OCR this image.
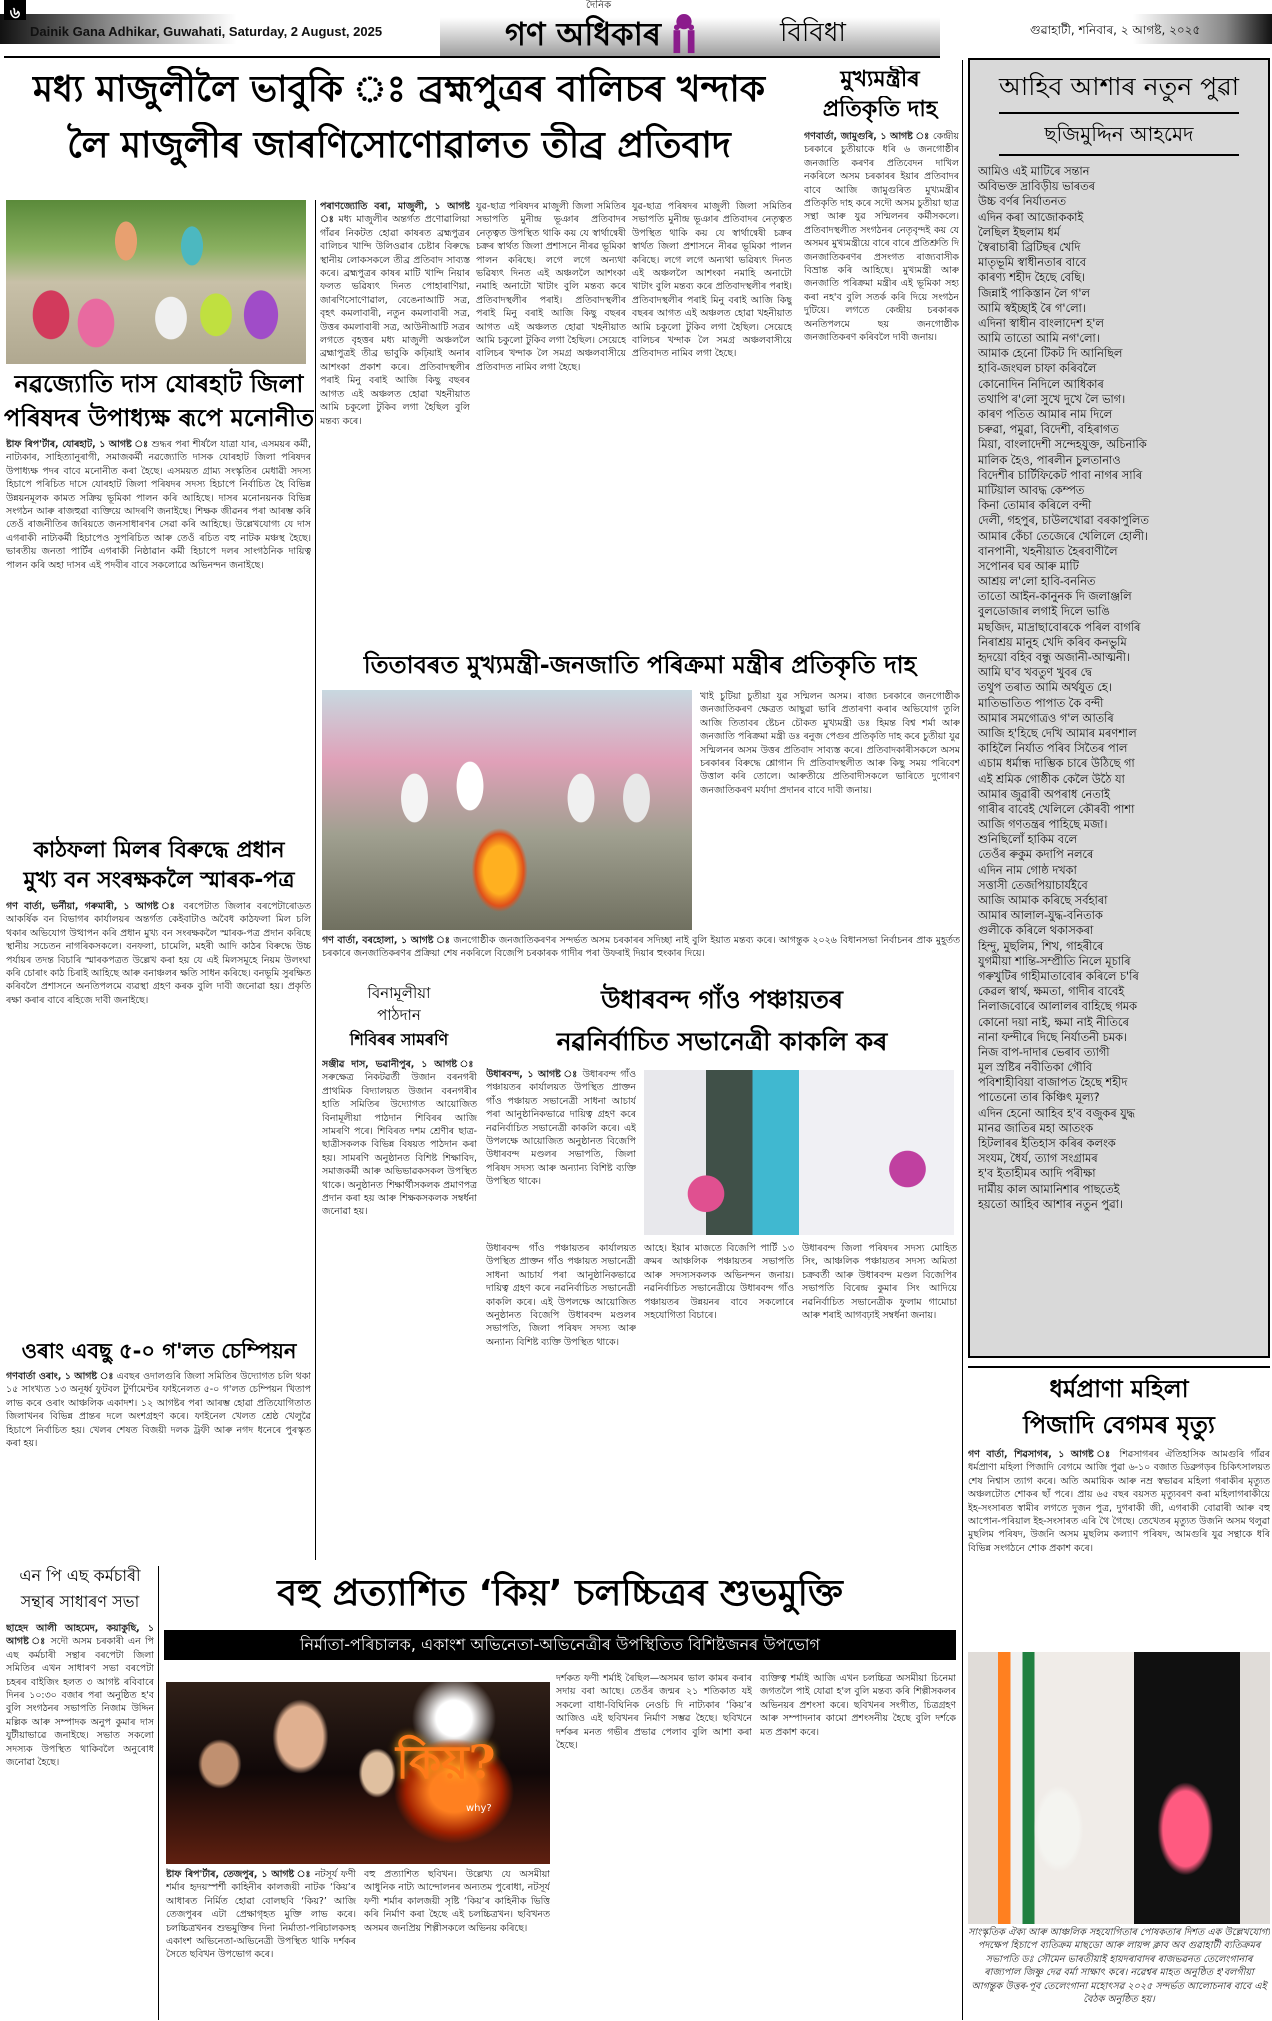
৬
Dainik Gana Adhikar, Guwahati, Saturday, 2 August, 2025
দৈনিক
গণ অধিকাৰ	বিবিধা	গুৱাহাটী, শনিবাৰ, ২ আগষ্ট, ২০২৫
মধ্য মাজুলীলৈ ভাবুকি ঃ ব্ৰহ্মপুত্ৰৰ বালিচৰ খন্দাক
লৈ মাজুলীৰ জাৰণিসোণোৱালত তীব্ৰ প্ৰতিবাদ
মুখ্যমন্ত্ৰীৰ
প্ৰতিকৃতি দাহ
গণবাৰ্তা, জামুগুৰি, ১ আগষ্ট ঃ কেন্দ্ৰীয় চৰকাৰে চুতীয়াকে ধৰি ৬ জনগোষ্ঠীৰ জনজাতি কৰণৰ প্ৰতিবেদন দাখিল নকৰিলে অসম চৰকাৰৰ ইয়াৰ প্ৰতিবাদৰ বাবে আজি জামুগুৰিত মুখ্যমন্ত্ৰীৰ প্ৰতিকৃতি দাহ কৰে সদৌ অসম চুতীয়া ছাত্ৰ সন্থা আৰু যুৱ সন্মিলনৰ কৰ্মীসকলে। প্ৰতিবাদস্থলীত সংগঠনৰ নেতৃবৃন্দই কয় যে অসমৰ মুখ্যমন্ত্ৰীয়ে বাৰে বাৰে প্ৰতিশ্ৰুতি দি জনজাতিকৰণৰ প্ৰসংগত ৰাজ্যবাসীক বিভ্ৰান্ত কৰি আহিছে। মুখ্যমন্ত্ৰী আৰু জনজাতি পৰিক্ৰমা মন্ত্ৰীৰ এই ভূমিকা সহ্য কৰা নহ'ব বুলি সতৰ্ক কৰি দিয়ে সংগঠন দুটিয়ে। লগতে কেন্দ্ৰীয় চৰকাৰক অনতিপলমে ছয় জনগোষ্ঠীক জনজাতিকৰণ কৰিবলৈ দাবী জনায়।
আহিব আশাৰ নতুন পুৱা
ছজিমুদ্দিন আহমেদ
আমিও এই মাটিৰে সন্তান
অবিভক্ত দ্ৰাবিড়ীয় ভাৰতৰ
উচ্চ বৰ্ণৰ নিৰ্যাতনত
এদিন কৰা আজোককাই
লৈছিল ইছলাম ধৰ্ম
স্বৈৰাচাৰী ব্ৰিটিছৰ খেদি
মাতৃভূমি স্বাধীনতাৰ বাবে
কাৰণ্য শহীদ হৈছে বেছি।
জিন্নাই পাকিস্তান লৈ গ'ল
আমি স্বইচ্ছাই ৰৈ গ'লো।
এদিনা স্বাধীন বাংলাদেশ হ'ল
আমি তাতো আমি নগ'লো।
আমাক হেনো টিকট দি আনিছিল
হাবি-জংঘল চাফা কৰিবলৈ
কোনোদিন নিদিলে আধিকাৰ
তথাপি ৰ'লো সুখে দুখে লৈ ভাগ।
কাৰণ পতিত আমাৰ নাম দিলে
চৰুৱা, পমুৱা, বিদেশী, বহিৰাগত
মিয়া, বাংলাদেশী সন্দেহযুক্ত, অচিনাকি
মালিক হৈও, পাৰলীন চুলতানাও
বিদেশীৰ চাৰ্টিফিকেট পাবা নাগৰ সাৰি
মাটিয়াল আবদ্ধ কেম্পত
কিনা তোমাৰ কৰিলে বন্দী
দেলী, গহপুৰ, চাউলখোৱা বৰকাপুলিত
আমাৰ কেঁচা তেজেৰে খেলিলে হোলী।
বানপানী, খহনীয়াত হৈৰবাণীলৈ
সপোনৰ ঘৰ আৰু মাটি
আশ্ৰয় ল'লো হাবি-বননিত
তাতো আইন-কানুনক দি জলাঞ্জলি
বুলডোজাৰ লগাই দিলে ভাঙি
মছজিদ, মাদ্ৰাছাবোৰকে পৰিল বাগৰি
নিৰাশ্ৰয় মানুহ খেদি কৰিব কনভুমি
হৃদয়ো বহিব বন্ধু অজানী-আত্মনী।
আমি ঘ'ব খবতুণ খুবৰ দ্বে
তথুপ তৰাত আমি অৰ্থযুত হে।
মাতিভাতিত পাপাত কৈ বন্দী
আমাৰ সমগোত্ৰও গ'ল আতৰি
আজি হ'হিছে দেখি আমাৰ মৰণশাল
কাহিলৈ নিৰ্যাত পৰিব সিতৈৰ পাল
এচাম ধৰ্মান্ধ দাম্ভিক চাৰে উঠিছে গা
এই শ্ৰমিক গোষ্ঠীক কেলৈ উঠৈ যা
আমাৰ জুৱাৰী অপৰাধ নেতাই
গাৰীৰ বাবেই খেলিলে কৌৰবী পাশা
আজি গণতন্ত্ৰৰ পাহিছে মজা।
শুনিছিলোঁ হাকিম বলে
তেওঁৰ ৰুকুম কদাপি নলৰে
এদিন নাম গোষ্ঠ দখকা
সত্তাসী তেজপিয়াচাৰ্যইবে
আজি আমাক কৰিছে সৰ্বহাৰা
আমাৰ আলাল-যুদ্ধ-বনিতাক
গুলীকে কৰিলে থকাসকৰা
হিন্দু, মুছলিম, শিখ, গাহৰীৰে
যুগমীয়া শান্তি-সম্প্ৰীতি নিলে মূচাৰি
গৰুখুটিৰ গাহীমাতাবোৰ কৰিলে চ'ৰি
কেৱল স্বাৰ্থ, ক্ষমতা, গাদীৰ বাবেই
নিলাজবোৰে আলালৰ বাহিছে গমক
কোনো দয়া নাই, ক্ষমা নাই নীতিৰে
নানা ফন্দীৰে দিছে নিৰ্যাতনী চমক।
নিজ বাপ-দাদাৰ ভেৰাব ত্যাগী
মূল স্ৰষ্টিৰ নবীতিকা গৌবি
পবিশাহীবিয়া বাজাপত হৈছে শহীদ
পাতেনো তাৰ কিঞ্চিৎ মূল্য?
এদিন হেনো আহিব হ'ব বজুকৰ যুদ্ধ
মানৱ জাতিৰ মহা আতংক
হিটলাৰৰ ইতিহাস কৰিৰ কলংক
সংযম, ধৈৰ্য, ত্যাগ সংগ্ৰামৰ
হ'ব ইতাহীমৰ আদি পৰীক্ষা
দাৰ্মীয় কাল আমানিশাৰ পাছতেই
হয়তো আহিব আশাৰ নতুন পুৱা।
পৰাণজ্যোতি বৰা, মাজুলী, ১ আগষ্ট ঃ মধ্য মাজুলীৰ অন্তৰ্গত প্ৰণোৱালিয়া গাঁৱৰ নিকটত হোৱা কাষৰত ব্ৰহ্মপুত্ৰৰ বালিচৰ খান্দি উলিওৱাৰ চেষ্টাৰ বিৰুদ্ধে স্থানীয় লোকসকলে তীব্ৰ প্ৰতিবাদ সাব্যস্ত কৰে। ব্ৰহ্মপুত্ৰৰ কাষৰ মাটি খান্দি নিয়াৰ ফলত ভৱিষ্যৎ দিনত পোহাৰাণিয়া, জাৰণিসোণোৱাল, বেঙেনাআটি সত্ৰ, বৃহৎ কমলাবাৰী, নতুন কমলাবাৰী সত্ৰ, উত্তৰ কমলাবাৰী সত্ৰ, আউনীআটি সত্ৰৰ লগতে বৃহত্তৰ মধ্য মাজুলী অঞ্চললৈ ব্ৰহ্মাপুত্ৰই তীব্ৰ ভাবুকি কঢ়িয়াই অনাৰ আশংকা প্ৰকাশ কৰে। প্ৰতিবাদস্থলীৰ পৰাই মিনু বৰাই আজি কিছু বছৰৰ আগত এই অঞ্চলত হোৱা খহনীয়াত আমি চকুলো টুকিব লগা হৈছিল বুলি মন্তব্য কৰে।
যুৱ-ছাত্ৰ পৰিষদৰ মাজুলী জিলা সমিতিৰ সভাপতি মুনীন্দ্ৰ ভূঞাৰ প্ৰতিবাদৰ নেতৃত্বত উপস্থিত থাকি কয় যে স্বাৰ্থান্বেষী চক্ৰৰ স্বাৰ্থত জিলা প্ৰশাসনে নীৰৱ ভূমিকা পালন কৰিছে। লগে লগে অন্যথা ভৱিষ্যৎ দিনত এই অঞ্চললৈ আশংকা নমাহি অনাটো খাটাং বুলি মন্তব্য কৰে প্ৰতিবাদস্থলীৰ পৰাই। প্ৰতিবাদস্থলীৰ পৰাই মিনু বৰাই আজি কিছু বছৰৰ আগত এই অঞ্চলত হোৱা খহনীয়াত আমি চকুলো টুকিব লগা হৈছিল। সেয়েহে বালিচৰ খন্দাক লৈ সমগ্ৰ অঞ্চলবাসীয়ে প্ৰতিবাদত নামিব লগা হৈছে।
যুৱ-ছাত্ৰ পৰিষদৰ মাজুলী জিলা সমিতিৰ সভাপতি মুনীন্দ্ৰ ভূঞাৰ প্ৰতিবাদৰ নেতৃত্বত উপস্থিত থাকি কয় যে স্বাৰ্থান্বেষী চক্ৰৰ স্বাৰ্থত জিলা প্ৰশাসনে নীৰৱ ভূমিকা পালন কৰিছে। লগে লগে অন্যথা ভৱিষ্যৎ দিনত এই অঞ্চললৈ আশংকা নমাহি অনাটো খাটাং বুলি মন্তব্য কৰে প্ৰতিবাদস্থলীৰ পৰাই। প্ৰতিবাদস্থলীৰ পৰাই মিনু বৰাই আজি কিছু বছৰৰ আগত এই অঞ্চলত হোৱা খহনীয়াত আমি চকুলো টুকিব লগা হৈছিল। সেয়েহে বালিচৰ খন্দাক লৈ সমগ্ৰ অঞ্চলবাসীয়ে প্ৰতিবাদত নামিব লগা হৈছে।
নৱজ্যোতি দাস যোৰহাট জিলা
পৰিষদৰ উপাধ্যক্ষ ৰূপে মনোনীত
ষ্টাফ ৰিপ'ৰ্টাৰ, যোৰহাট, ১ আগষ্ট ঃ শুদ্ধৰ পৰা শীৰ্ষলৈ যাত্ৰা যাৰ, এসময়ৰ কৰ্মী, নাট্যকাৰ, সাহিত্যানুৰাগী, সমাজকৰ্মী নৱজ্যোতি দাসক যোৰহাট জিলা পৰিষদৰ উপাধ্যক্ষ পদৰ বাবে মনোনীত কৰা হৈছে। এসময়ত গ্ৰাম্য সংস্কৃতিৰ মেধাৱী সদস্য হিচাপে পৰিচিত দাসে যোৰহাট জিলা পৰিষদৰ সদস্য হিচাপে নিৰ্বাচিত হৈ বিভিন্ন উন্নয়নমূলক কামত সক্ৰিয় ভূমিকা পালন কৰি আহিছে। দাসৰ মনোনয়নক বিভিন্ন সংগঠন আৰু ৰাজহুৱা ব্যক্তিয়ে আদৰণি জনাইছে। শিক্ষক জীৱনৰ পৰা আৰম্ভ কৰি তেওঁ ৰাজনীতিৰ জৰিয়তে জনসাধাৰণৰ সেৱা কৰি আহিছে। উল্লেখযোগ্য যে দাস এগৰাকী নাট্যকৰ্মী হিচাপেও সুপৰিচিত আৰু তেওঁ ৰচিত বহু নাটক মঞ্চস্থ হৈছে। ভাৰতীয় জনতা পাৰ্টিৰ এগৰাকী নিষ্ঠাৱান কৰ্মী হিচাপে দলৰ সাংগঠনিক দায়িত্ব পালন কৰি অহা দাসৰ এই পদবীৰ বাবে সকলোৱে অভিনন্দন জনাইছে।
তিতাবৰত মুখ্যমন্ত্ৰী-জনজাতি পৰিক্ৰমা মন্ত্ৰীৰ প্ৰতিকৃতি দাহ
খাই চুটিয়া চুতীয়া যুৱ সন্মিলন অসম। ৰাজ্য চৰকাৰে জনগোষ্ঠীক জনজাতিকৰণ ক্ষেত্ৰত আছুৱা ভাৰি প্ৰতাৰণা কৰাৰ অভিযোগ তুলি আজি তিতাবৰ ষ্টেচন চৌকত মুখ্যমন্ত্ৰী ডঃ হিমন্ত বিশ্ব শৰ্মা আৰু জনজাতি পৰিক্ৰমা মন্ত্ৰী ডঃ ৰনুজ পেগুৰ প্ৰতিকৃতি দাহ কৰে চুতীয়া যুৱ সন্মিলনৰ অসম উত্তৰ প্ৰতিবাদ সাব্যস্ত কৰে। প্ৰতিবাদকাৰীসকলে অসম চৰকাৰৰ বিৰুদ্ধে শ্লোগান দি প্ৰতিবাদস্থলীত আৰু কিছু সময় পৰিবেশ উত্তাল কৰি তোলে। আৰুতীয়ে প্ৰতিবাদীসকলে ভাৰিতে দুগোৰণ জনজাতিকৰণ মৰ্যাদা প্ৰদানৰ বাবে দাবী জনায়।
গণ বাৰ্তা, বৰহোলা, ১ আগষ্ট ঃ জনগোষ্ঠীক জনজাতিকৰণৰ সন্দৰ্ভত অসম চৰকাৰৰ সদিচ্ছা নাই বুলি ইয়াত মন্তব্য কৰে। আগন্তুক ২০২৬ বিধানসভা নিৰ্বাচনৰ প্ৰাক মুহূৰ্তত চৰকাৰে জনজাতিকৰণৰ প্ৰক্ৰিয়া শেষ নকৰিলে বিজেপি চৰকাৰক গাদীৰ পৰা উফৰাই দিয়াৰ হুংকাৰ দিয়ে।
কাঠফলা মিলৰ বিৰুদ্ধে প্ৰধান
মুখ্য বন সংৰক্ষকলৈ স্মাৰক-পত্ৰ
গণ বাৰ্তা, ভৰ্নীয়া, গৰুমাৰী, ১ আগষ্ট ঃ বৰপেটাত জিলাৰ বৰপেটাৰোডত আকৰ্ষিক বন বিভাগৰ কাৰ্যালয়ৰ অন্তৰ্গত কেইবাটাও অবৈধ কাঠফলা মিল চলি থকাৰ অভিযোগ উত্থাপন কৰি প্ৰধান মুখ্য বন সংৰক্ষকলৈ স্মাৰক-পত্ৰ প্ৰদান কৰিছে স্থানীয় সচেতন নাগৰিকসকলে। বনফলা, চামেলি, মহৰী আদি কাঠৰ বিৰুদ্ধে উচ্চ পৰ্যায়ৰ তদন্ত বিচাৰি স্মাৰকপত্ৰত উল্লেখ কৰা হয় যে এই মিলসমূহে নিয়ম উলংঘা কৰি চোৰাং কাঠ চিৰাই আহিছে আৰু বনাঞ্চলৰ ক্ষতি সাধন কৰিছে। বনভূমি সুৰক্ষিত কৰিবলৈ প্ৰশাসনে অনতিপলমে ব্যৱস্থা গ্ৰহণ কৰক বুলি দাবী জনোৱা হয়। প্ৰকৃতি ৰক্ষা কৰাৰ বাবে ৰহিজে দাবী জনাইছে।
ওৰাং এবছু ৫-০ গ'লত চেম্পিয়ন
গণবাৰ্তা ওৰাং, ১ আগষ্ট ঃ এবছৰ ওদালগুৰি জিলা সমিতিৰ উদ্যোগত চলি থকা ১৫ সাংখ্যত ১৩ অনূৰ্ধ্ব ফুটবল টুৰ্ণামেণ্টৰ ফাইনেলত ৫-০ গ'লত চেম্পিয়ন খিতাপ লাভ কৰে ওৰাং আঞ্চলিক একাদশ। ১২ আগষ্টৰ পৰা আৰম্ভ হোৱা প্ৰতিযোগিতাত জিলাখনৰ বিভিন্ন প্ৰান্তৰ দলে অংশগ্ৰহণ কৰে। ফাইনেল খেলত শ্ৰেষ্ঠ খেলুৱৈ হিচাপে নিৰ্বাচিত হয়। খেলৰ শেষত বিজয়ী দলক ট্ৰফী আৰু নগদ ধনেৰে পুৰস্কৃত কৰা হয়।
বিনামূলীয়া
পাঠদান
শিবিৰৰ সামৰণি
সঞ্জীৱ দাস, ভৱানীপুৰ, ১ আগষ্ট ঃ সৰুক্ষেত্ৰ নিকটৱৰ্তী উজান বৰনগৰী প্ৰাথমিক বিদ্যালয়ত উজান বৰনগৰীৰ হাতি সমিতিৰ উদ্যোগত আয়োজিত বিনামূলীয়া পাঠদান শিবিৰৰ আজি সামৰণি পৰে। শিবিৰত দশম শ্ৰেণীৰ ছাত্ৰ-ছাত্ৰীসকলক বিভিন্ন বিষয়ত পাঠদান কৰা হয়। সামৰণি অনুষ্ঠানত বিশিষ্ট শিক্ষাবিদ, সমাজকৰ্মী আৰু অভিভাৱকসকল উপস্থিত থাকে। অনুষ্ঠানত শিক্ষাৰ্থীসকলক প্ৰমাণপত্ৰ প্ৰদান কৰা হয় আৰু শিক্ষকসকলক সম্বৰ্ধনা জনোৱা হয়।
উধাৰবন্দ গাঁও পঞ্চায়তৰ
নৱনিৰ্বাচিত সভানেত্ৰী কাকলি কৰ
উধাৰবন্দ, ১ আগষ্ট ঃ উধাৰবন্দ গাঁও পঞ্চায়তৰ কাৰ্যালয়ত উপস্থিত প্ৰাক্তন গাঁও পঞ্চায়ত সভানেত্ৰী সাধনা আচাৰ্য পৰা আনুষ্ঠানিকভাৱে দায়িত্ব গ্ৰহণ কৰে নৱনিৰ্বাচিত সভানেত্ৰী কাকলি কৰে। এই উপলক্ষে আয়োজিত অনুষ্ঠানত বিজেপি উধাৰবন্দ মণ্ডলৰ সভাপতি, জিলা পৰিষদ সদস্য আৰু অন্যান্য বিশিষ্ট ব্যক্তি উপস্থিত থাকে।
উধাৰবন্দ গাঁও পঞ্চায়তৰ কাৰ্যালয়ত উপস্থিত প্ৰাক্তন গাঁও পঞ্চায়ত সভানেত্ৰী সাধনা আচাৰ্য পৰা আনুষ্ঠানিকভাৱে দায়িত্ব গ্ৰহণ কৰে নৱনিৰ্বাচিত সভানেত্ৰী কাকলি কৰে। এই উপলক্ষে আয়োজিত অনুষ্ঠানত বিজেপি উধাৰবন্দ মণ্ডলৰ সভাপতি, জিলা পৰিষদ সদস্য আৰু অন্যান্য বিশিষ্ট ব্যক্তি উপস্থিত থাকে।
আহে। ইয়াৰ মাজতে বিজেপি পাৰ্টি ১৩ ক্ৰমৰ আঞ্চলিক পঞ্চায়তৰ সভাপতি আৰু সদস্যসকলক অভিনন্দন জনায়। নৱনিৰ্বাচিত সভানেত্ৰীয়ে উধাৰবন্দ গাঁও পঞ্চায়তৰ উন্নয়নৰ বাবে সকলোৰে সহযোগিতা বিচাৰে।
উধাৰবন্দ জিলা পৰিষদৰ সদস্য মোহিত সিং, আঞ্চলিক পঞ্চায়তৰ সদস্য অমিতা চক্ৰবৰ্তী আৰু উধাৰবন্দ মণ্ডল বিজেপিৰ সভাপতি বিৰেন্দ্ৰ কুমাৰ সিং আদিয়ে নৱনিৰ্বাচিত সভানেত্ৰীক ফুলাম গামোচা আৰু শৰাই আগবঢ়াই সম্বৰ্ধনা জনায়।
ধৰ্মপ্ৰাণা মহিলা
পিজাদি বেগমৰ মৃত্যু
গণ বাৰ্তা, শিৱসাগৰ, ১ আগষ্ট ঃ শিৱসাগৰৰ ঐতিহাসিক আমগুৰি গাঁৱৰ ধৰ্মপ্ৰাণা মহিলা পিজাদি বেগমে আজি পুৱা ৬-১০ বজাত ডিব্ৰুগড়ৰ চিকিৎসালয়ত শেষ নিশ্বাস ত্যাগ কৰে। অতি অমায়িক আৰু নম্ৰ স্বভাৱৰ মহিলা গৰাকীৰ মৃত্যুত অঞ্চলটোত শোকৰ ছাঁ পৰে। প্ৰায় ৬৫ বছৰ বয়সত মৃত্যুবৰণ কৰা মহিলাগৰাকীয়ে ইহ-সংসাৰত স্বামীৰ লগতে দুজন পুত্ৰ, দুগৰাকী জী, এগৰাকী বোৱাৰী আৰু বহু আপোন-পৰিয়াল ইহ-সংসাৰত এৰি থৈ গৈছে। তেখেতৰ মৃত্যুত উজনি অসম থলুৱা মুছলিম পৰিষদ, উজনি অসম মুছলিম কল্যাণ পৰিষদ, আমগুৰি যুৱ সন্থাকে ধৰি বিভিন্ন সংগঠনে শোক প্ৰকাশ কৰে।
এন পি এছ কৰ্মচাৰী
সন্থাৰ সাধাৰণ সভা
ছাহেদ আলী আহমেদ, কয়াকুছি, ১ আগষ্ট ঃ সদৌ অসম চৰকাৰী এন পি এছ কৰ্মচাৰী সন্থাৰ বৰপেটা জিলা সমিতিৰ এখন সাধাৰণ সভা বৰপেটা চহৰৰ বাইজিং হলত ৩ আগষ্ট ৰবিবাৰে দিনৰ ১০:৩০ বজাৰ পৰা অনুষ্ঠিত হ'ব বুলি সংগঠনৰ সভাপতি নিজাম উদ্দিন মল্লিক আৰু সম্পাদক অনুপ কুমাৰ দাস যুটীয়াভাৱে জনাইছে। সভাত সকলো সদস্যক উপস্থিত থাকিবলৈ অনুৰোধ জনোৱা হৈছে।
বহু প্ৰত্যাশিত ‘কিয়’ চলচ্চিত্ৰৰ শুভমুক্তি
নিৰ্মাতা-পৰিচালক, একাংশ অভিনেতা-অভিনেত্ৰীৰ উপস্থিতিত বিশিষ্টজনৰ উপভোগ
কিয়?
why?
ষ্টাফ ৰিপ'ৰ্টাৰ, তেজপুৰ, ১ আগষ্ট ঃ নটসূৰ্য ফণী শৰ্মাৰ হৃদয়স্পৰ্শী কাহিনীৰ কালজয়ী নাটক ‘কিয়’ৰ আধাৰত নিৰ্মিত হোৱা বোলছবি ‘কিয়?’ আজি তেজপুৰৰ এটা প্ৰেক্ষাগৃহত মুক্তি লাভ কৰে। চলচ্চিত্ৰখনৰ শুভমুক্তিৰ দিনা নিৰ্মাতা-পৰিচালকসহ একাংশ অভিনেতা-অভিনেত্ৰী উপস্থিত থাকি দৰ্শকৰ সৈতে ছবিখন উপভোগ কৰে।
বহু প্ৰত্যাশিত ছবিখন। উল্লেখ্য যে অসমীয়া আধুনিক নাট্য আন্দোলনৰ অন্যতম পুৰোধা, নটসূৰ্য ফণী শৰ্মাৰ কালজয়ী সৃষ্টি ‘কিয়’ৰ কাহিনীক ভিত্তি কৰি নিৰ্মাণ কৰা হৈছে এই চলচ্চিত্ৰখন। ছবিখনত অসমৰ জনপ্ৰিয় শিল্পীসকলে অভিনয় কৰিছে।
দৰ্শকত ফণী শৰ্মাই ৰৈছিল—অসমৰ ভাল কামৰ কৰাৰ সদায় বৰা আছে। তেওঁৰ জন্মৰ ২১ শতিকাত যই সকলো বাধা-বিঘিনিক নেওচি দি নাট্যকাৰ ‘কিয়’ৰ আজিও এই ছবিখনৰ নিৰ্মাণ সম্ভৱ হৈছে। ছবিখনে দৰ্শকৰ মনত গভীৰ প্ৰভাৱ পেলাব বুলি আশা কৰা হৈছে।
ব্যক্তিত্ব শৰ্মাই আজি এখন চলচ্চিত্ৰ অসমীয়া চিনেমা জগতলৈ পাই যোৱা হ'ল বুলি মন্তব্য কৰি শিল্পীসকলৰ অভিনয়ৰ প্ৰশংসা কৰে। ছবিখনৰ সংগীত, চিত্ৰগ্ৰহণ আৰু সম্পাদনাৰ কামো প্ৰশংসনীয় হৈছে বুলি দৰ্শকে মত প্ৰকাশ কৰে।
সাংস্কৃতিক ঐক্য আৰু আঞ্চলিক সহযোগিতাৰ পোষকতাৰ দিশত এক উল্লেখযোগ্য পদক্ষেপ হিচাপে ব্যতিক্ৰম মাছডো আৰু লায়ন্স ক্লাব অব গুৱাহাটী ব্যতিক্ৰমৰ সভাপতি ডঃ সৌমেন ভাৰতীয়াই হায়দৰাবাদৰ ৰাজভৱনত তেলেংগানাৰ ৰাজ্যপাল জিষ্ণু দেৱ বৰ্মা সাক্ষাৎ কৰে। নৱেশ্বৰ মাহত অনুষ্ঠিত হ'বলগীয়া আগন্তুক উত্তৰ-পূব তেলেংগানা মহোৎসৱ ২০২৫ সন্দৰ্ভত আলোচনাৰ বাবে এই বৈঠক অনুষ্ঠিত হয়।
